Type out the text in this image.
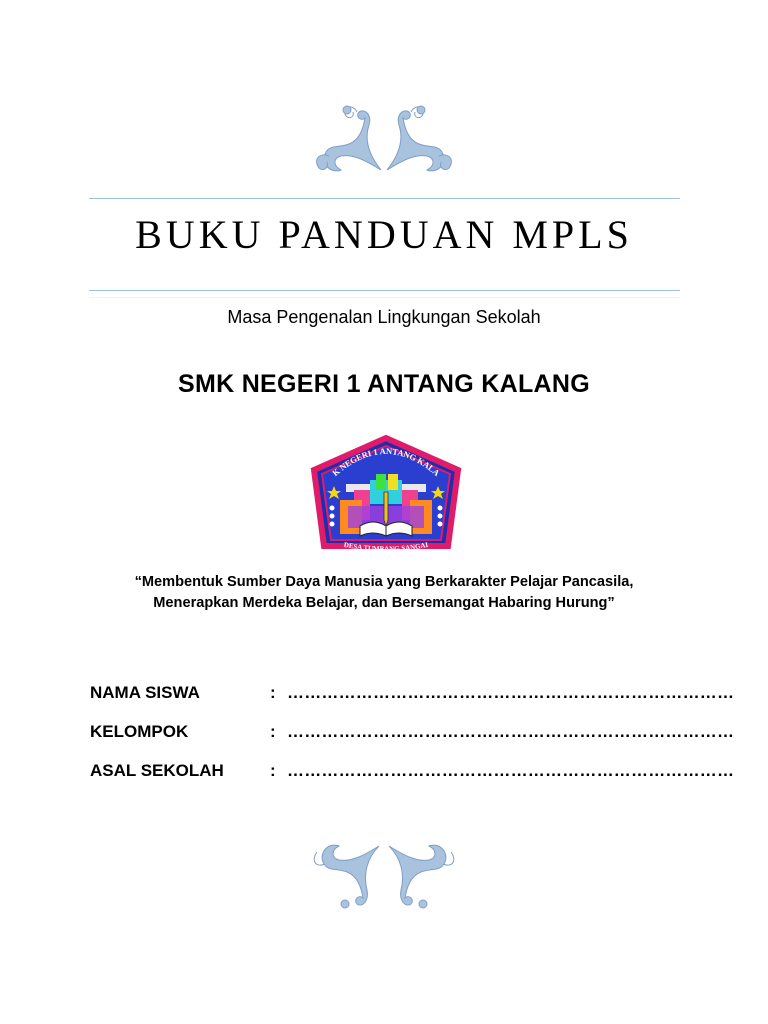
BUKU PANDUAN MPLS
Masa Pengenalan Lingkungan Sekolah
SMK NEGERI 1 ANTANG KALANG
K NEGERI 1 ANTANG KALA
DESA TUMBANG SANGAI
“Membentuk Sumber Daya Manusia yang Berkarakter Pelajar Pancasila,
Menerapkan Merdeka Belajar, dan Bersemangat Habaring Hurung”
NAMA SISWA	: ……………………………………………………………………
KELOMPOK	: ……………………………………………………………………
ASAL SEKOLAH	: ……………………………………………………………………
